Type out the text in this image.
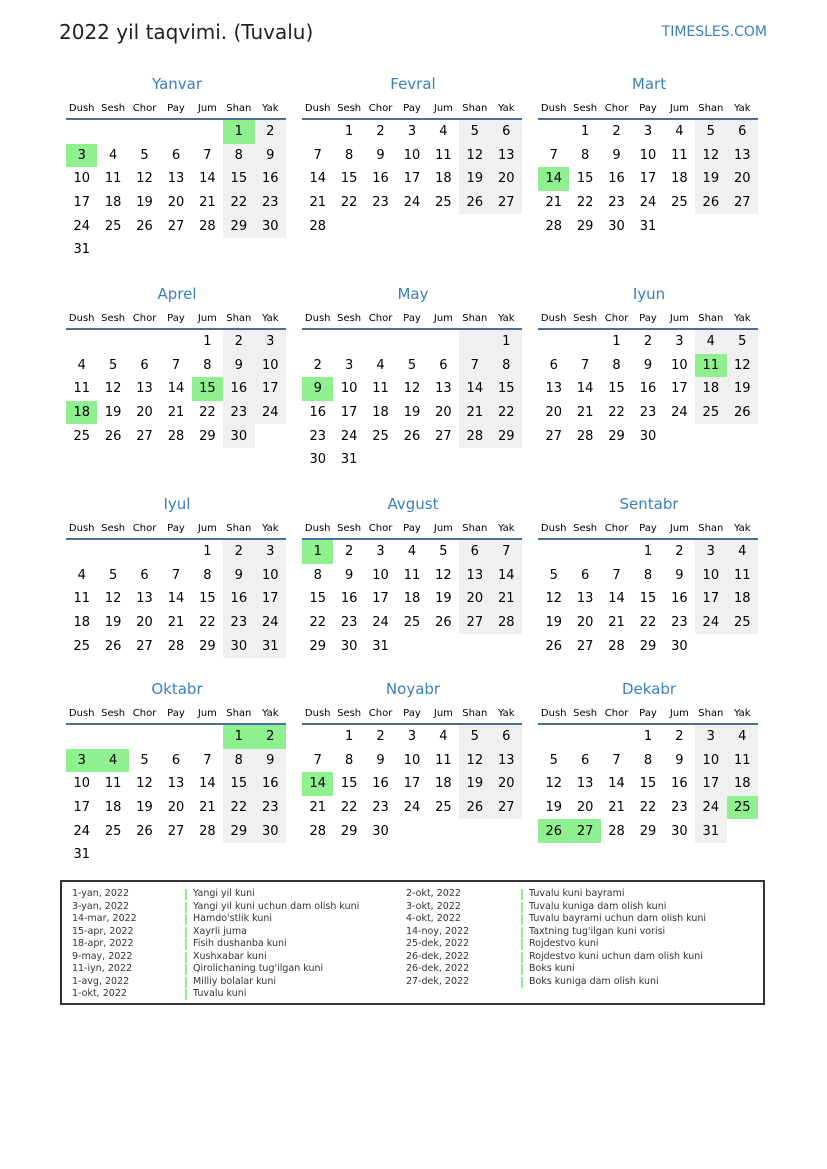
2022 yil taqvimi. (Tuvalu)	TIMESLES.COM
Yanvar
Dush	Sesh	Chor	Pay	Jum	Shan	Yak
					1	2
3	4	5	6	7	8	9
10	11	12	13	14	15	16
17	18	19	20	21	22	23
24	25	26	27	28	29	30
31						
Fevral
Dush	Sesh	Chor	Pay	Jum	Shan	Yak
	1	2	3	4	5	6
7	8	9	10	11	12	13
14	15	16	17	18	19	20
21	22	23	24	25	26	27
28						
Mart
Dush	Sesh	Chor	Pay	Jum	Shan	Yak
	1	2	3	4	5	6
7	8	9	10	11	12	13
14	15	16	17	18	19	20
21	22	23	24	25	26	27
28	29	30	31			
Aprel
Dush	Sesh	Chor	Pay	Jum	Shan	Yak
				1	2	3
4	5	6	7	8	9	10
11	12	13	14	15	16	17
18	19	20	21	22	23	24
25	26	27	28	29	30	
May
Dush	Sesh	Chor	Pay	Jum	Shan	Yak
						1
2	3	4	5	6	7	8
9	10	11	12	13	14	15
16	17	18	19	20	21	22
23	24	25	26	27	28	29
30	31					
Iyun
Dush	Sesh	Chor	Pay	Jum	Shan	Yak
		1	2	3	4	5
6	7	8	9	10	11	12
13	14	15	16	17	18	19
20	21	22	23	24	25	26
27	28	29	30			
Iyul
Dush	Sesh	Chor	Pay	Jum	Shan	Yak
				1	2	3
4	5	6	7	8	9	10
11	12	13	14	15	16	17
18	19	20	21	22	23	24
25	26	27	28	29	30	31
Avgust
Dush	Sesh	Chor	Pay	Jum	Shan	Yak
1	2	3	4	5	6	7
8	9	10	11	12	13	14
15	16	17	18	19	20	21
22	23	24	25	26	27	28
29	30	31				
Sentabr
Dush	Sesh	Chor	Pay	Jum	Shan	Yak
			1	2	3	4
5	6	7	8	9	10	11
12	13	14	15	16	17	18
19	20	21	22	23	24	25
26	27	28	29	30		
Oktabr
Dush	Sesh	Chor	Pay	Jum	Shan	Yak
					1	2
3	4	5	6	7	8	9
10	11	12	13	14	15	16
17	18	19	20	21	22	23
24	25	26	27	28	29	30
31						
Noyabr
Dush	Sesh	Chor	Pay	Jum	Shan	Yak
	1	2	3	4	5	6
7	8	9	10	11	12	13
14	15	16	17	18	19	20
21	22	23	24	25	26	27
28	29	30				
Dekabr
Dush	Sesh	Chor	Pay	Jum	Shan	Yak
			1	2	3	4
5	6	7	8	9	10	11
12	13	14	15	16	17	18
19	20	21	22	23	24	25
26	27	28	29	30	31	
1-yan, 2022	Yangi yil kuni
3-yan, 2022	Yangi yil kuni uchun dam olish kuni
14-mar, 2022	Hamdo'stlik kuni
15-apr, 2022	Xayrli juma
18-apr, 2022	Fisih dushanba kuni
9-may, 2022	Xushxabar kuni
11-iyn, 2022	Qirolichaning tug'ilgan kuni
1-avg, 2022	Milliy bolalar kuni
1-okt, 2022	Tuvalu kuni
2-okt, 2022	Tuvalu kuni bayrami
3-okt, 2022	Tuvalu kuniga dam olish kuni
4-okt, 2022	Tuvalu bayrami uchun dam olish kuni
14-noy, 2022	Taxtning tug'ilgan kuni vorisi
25-dek, 2022	Rojdestvo kuni
26-dek, 2022	Rojdestvo kuni uchun dam olish kuni
26-dek, 2022	Boks kuni
27-dek, 2022	Boks kuniga dam olish kuni
